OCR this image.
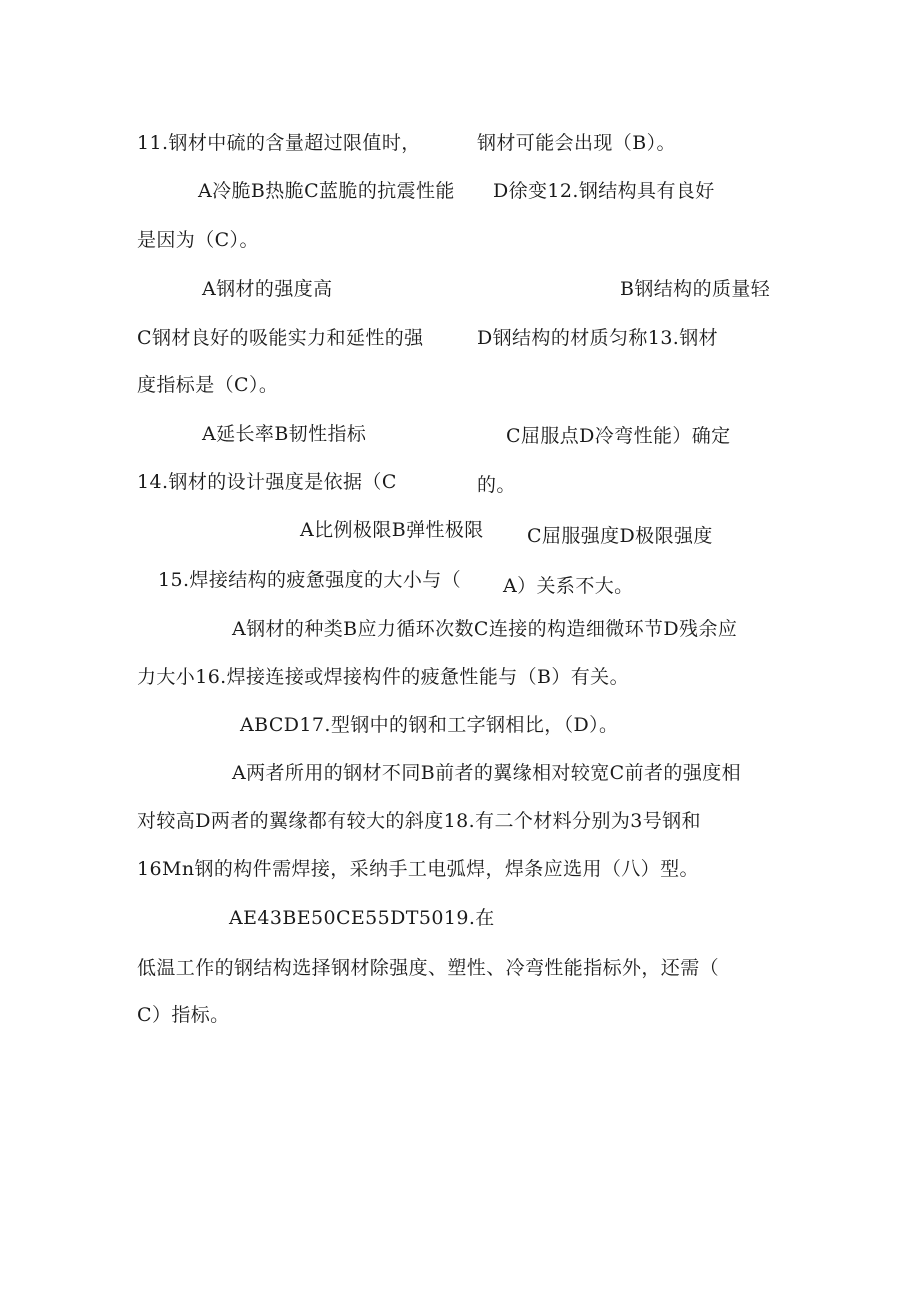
11.钢材中硫的含量超过限值时，	钢材可能会出现（B）。
A冷脆B热脆C蓝脆的抗震性能 D徐变12.钢结构具有良好
是因为（C）。
A钢材的强度高	B钢结构的质量轻
C钢材良好的吸能实力和延性的强	D钢结构的材质匀称13.钢材
度指标是（C）。
A延长率B韧性指标	C屈服点D冷弯性能）确定
14.钢材的设计强度是依据（C	的。
A比例极限B弹性极限 C屈服强度D极限强度
15.焊接结构的疲惫强度的大小与（ A）关系不大。
A钢材的种类B应力循环次数C连接的构造细微环节D残余应
力大小16.焊接连接或焊接构件的疲惫性能与（B）有关。
ABCD17.型钢中的钢和工字钢相比，（D）。
A两者所用的钢材不同B前者的翼缘相对较宽C前者的强度相
对较高D两者的翼缘都有较大的斜度18.有二个材料分别为3号钢和
16Mn钢的构件需焊接，采纳手工电弧焊，焊条应选用（八）型。
AE43BE50CE55DT5019.在
低温工作的钢结构选择钢材除强度、塑性、冷弯性能指标外，还需（
C）指标。
